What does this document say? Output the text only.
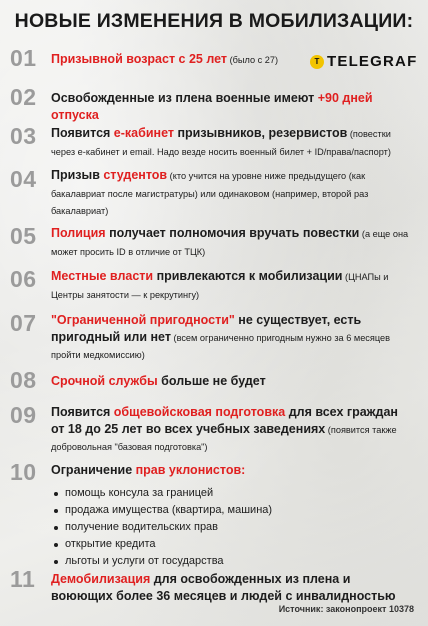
НОВЫЕ ИЗМЕНЕНИЯ В МОБИЛИЗАЦИИ:
T TELEGRAF
01 Призывной возраст с 25 лет (было с 27)
02 Освобожденные из плена военные имеют +90 дней отпуска
03 Появится е-кабинет призывников, резервистов (повестки через е-кабинет и email. Надо везде носить военный билет + ID/права/паспорт)
04 Призыв студентов (кто учится на уровне ниже предыдущего (как бакалавриат после магистратуры) или одинаковом (например, второй раз бакалавриат)
05 Полиция получает полномочия вручать повестки (а еще она может просить ID в отличие от ТЦК)
06 Местные власти привлекаются к мобилизации (ЦНАПы и Центры занятости — к рекрутингу)
07 "Ограниченной пригодности" не существует, есть пригодный или нет (всем ограниченно пригодным нужно за 6 месяцев пройти медкомиссию)
08 Срочной службы больше не будет
09 Появится общевойсковая подготовка для всех граждан от 18 до 25 лет во всех учебных заведениях (появится также добровольная "базовая подготовка")
10 Ограничение прав уклонистов:
помощь консула за границей
продажа имущества (квартира, машина)
получение водительских прав
открытие кредита
льготы и услуги от государства
11 Демобилизация для освобожденных из плена и воюющих более 36 месяцев и людей с инвалидностью
Источник: законопроект 10378
